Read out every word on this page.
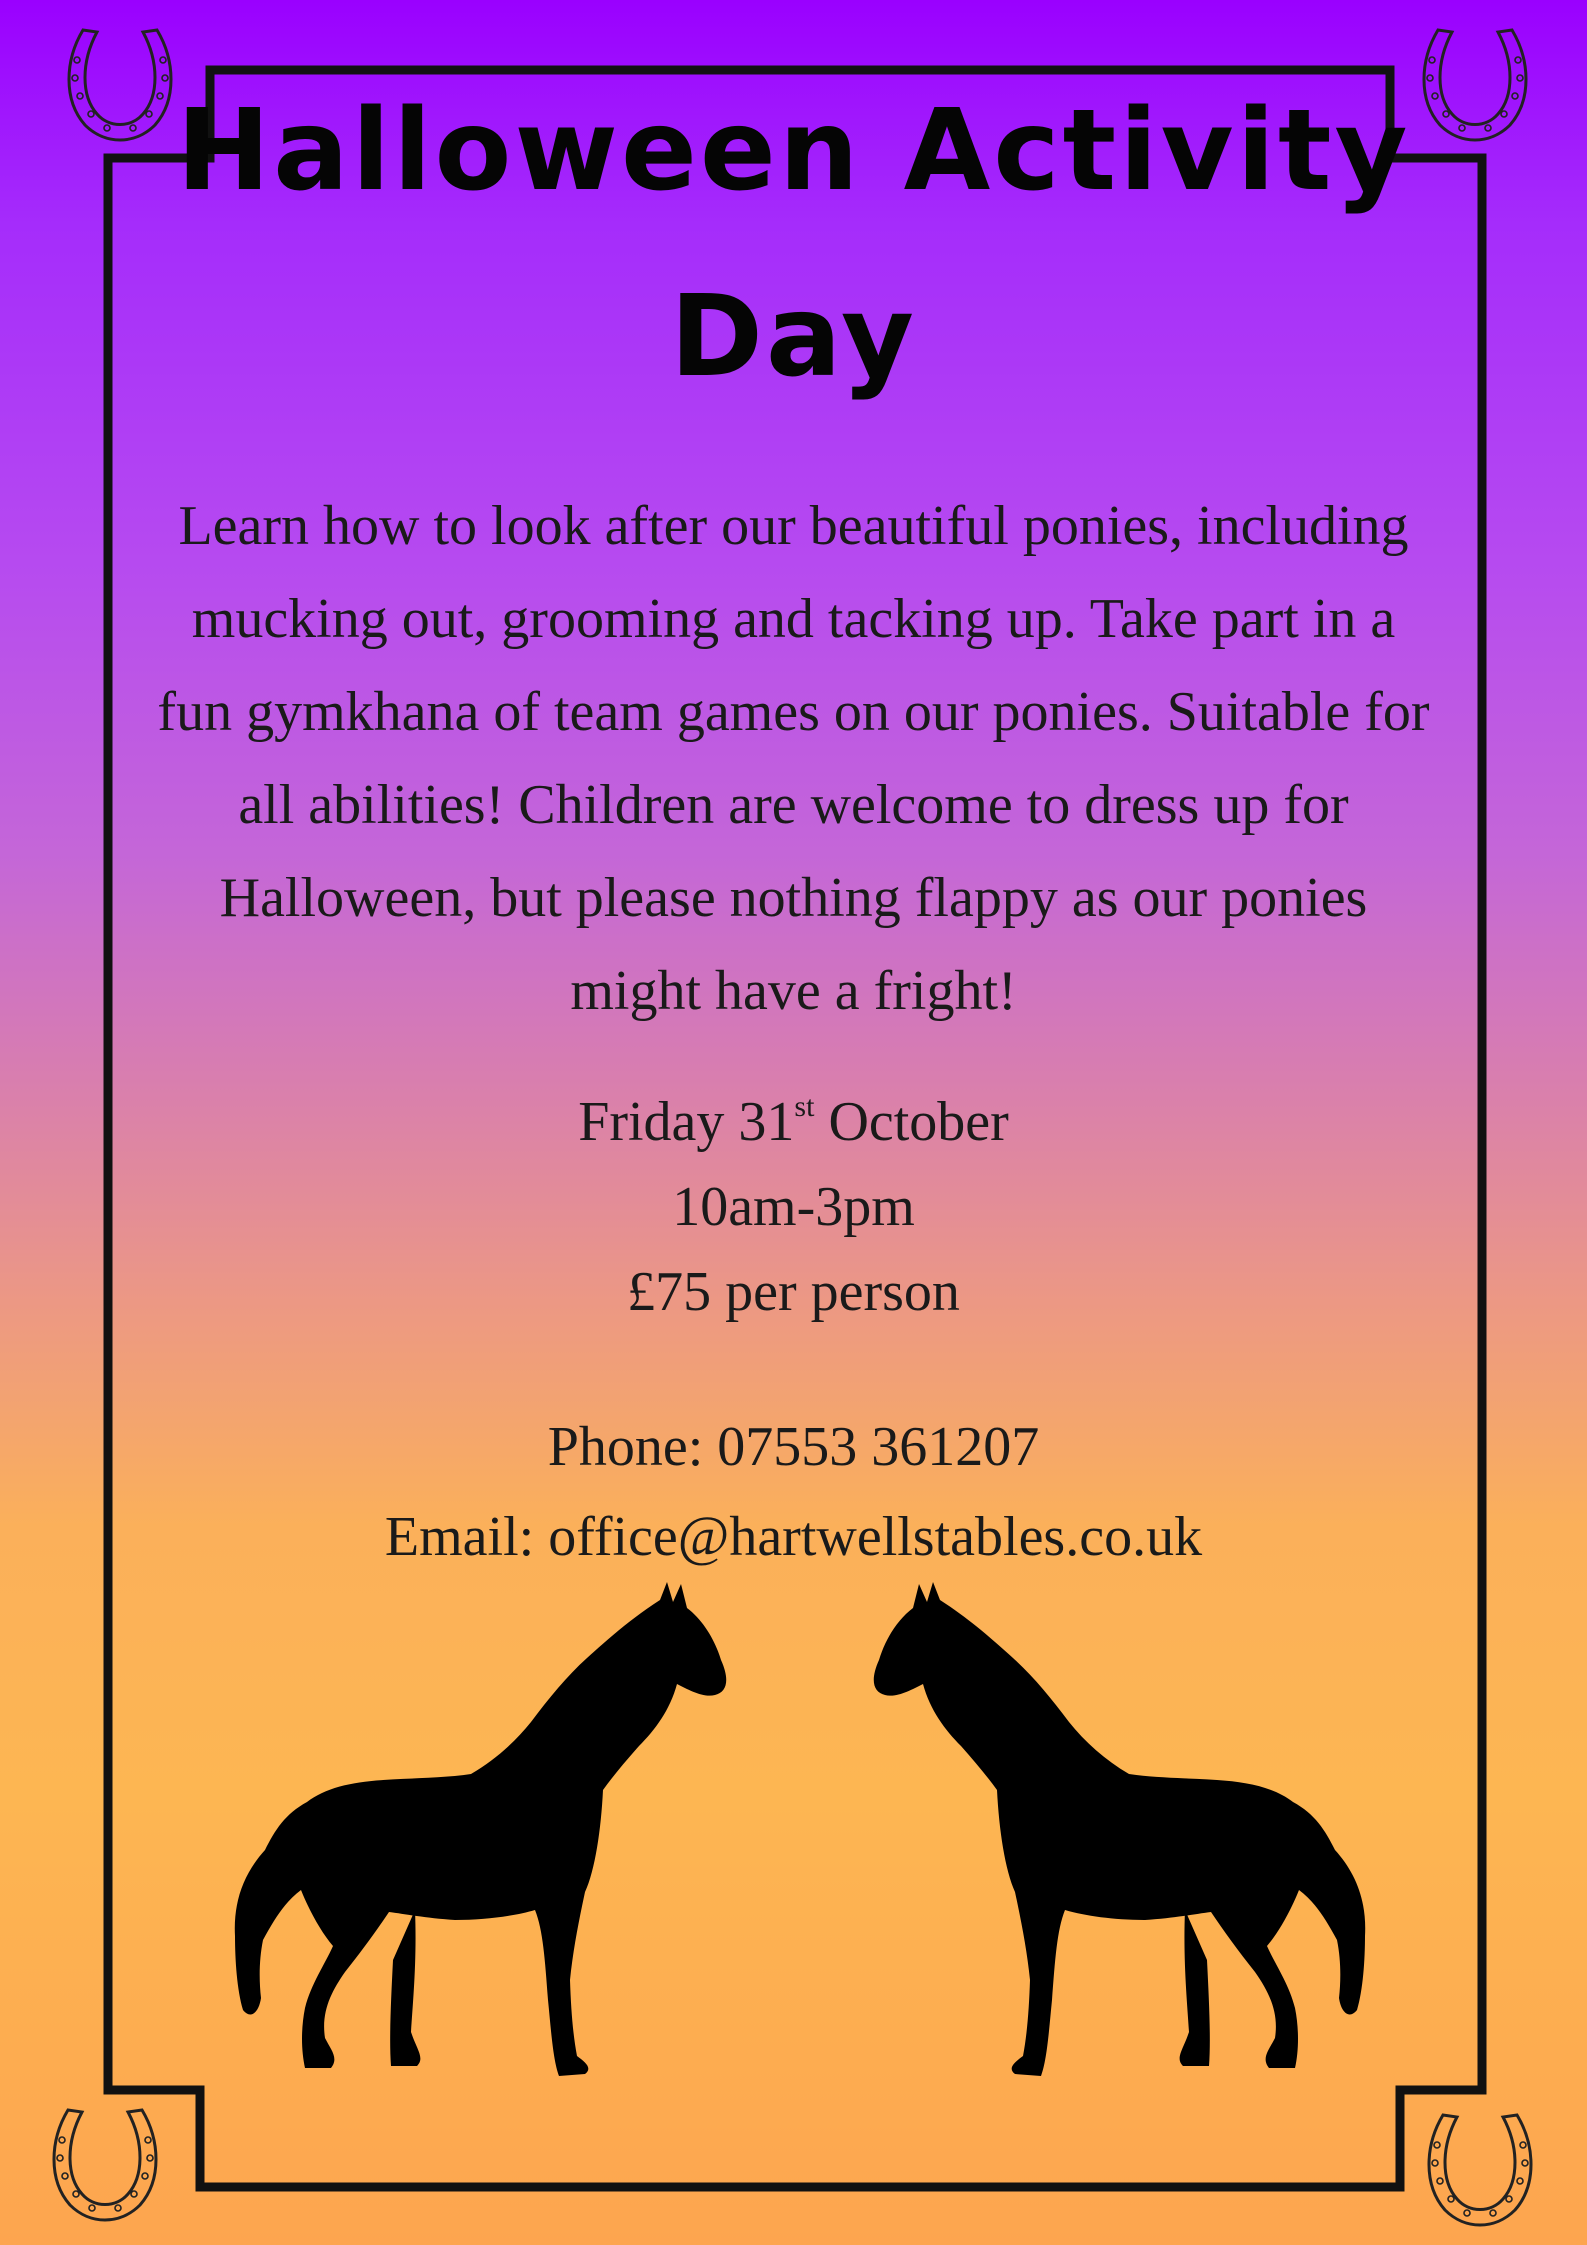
Halloween Activity
Day

Learn how to look after our beautiful ponies, including mucking out, grooming and tacking up. Take part in a fun gymkhana of team games on our ponies. Suitable for all abilities! Children are welcome to dress up for Halloween, but please nothing flappy as our ponies might have a fright!

Friday 31st October

10am-3pm

£75 per person

Phone: 07553 361207

Email: office@hartwellstables.co.uk
